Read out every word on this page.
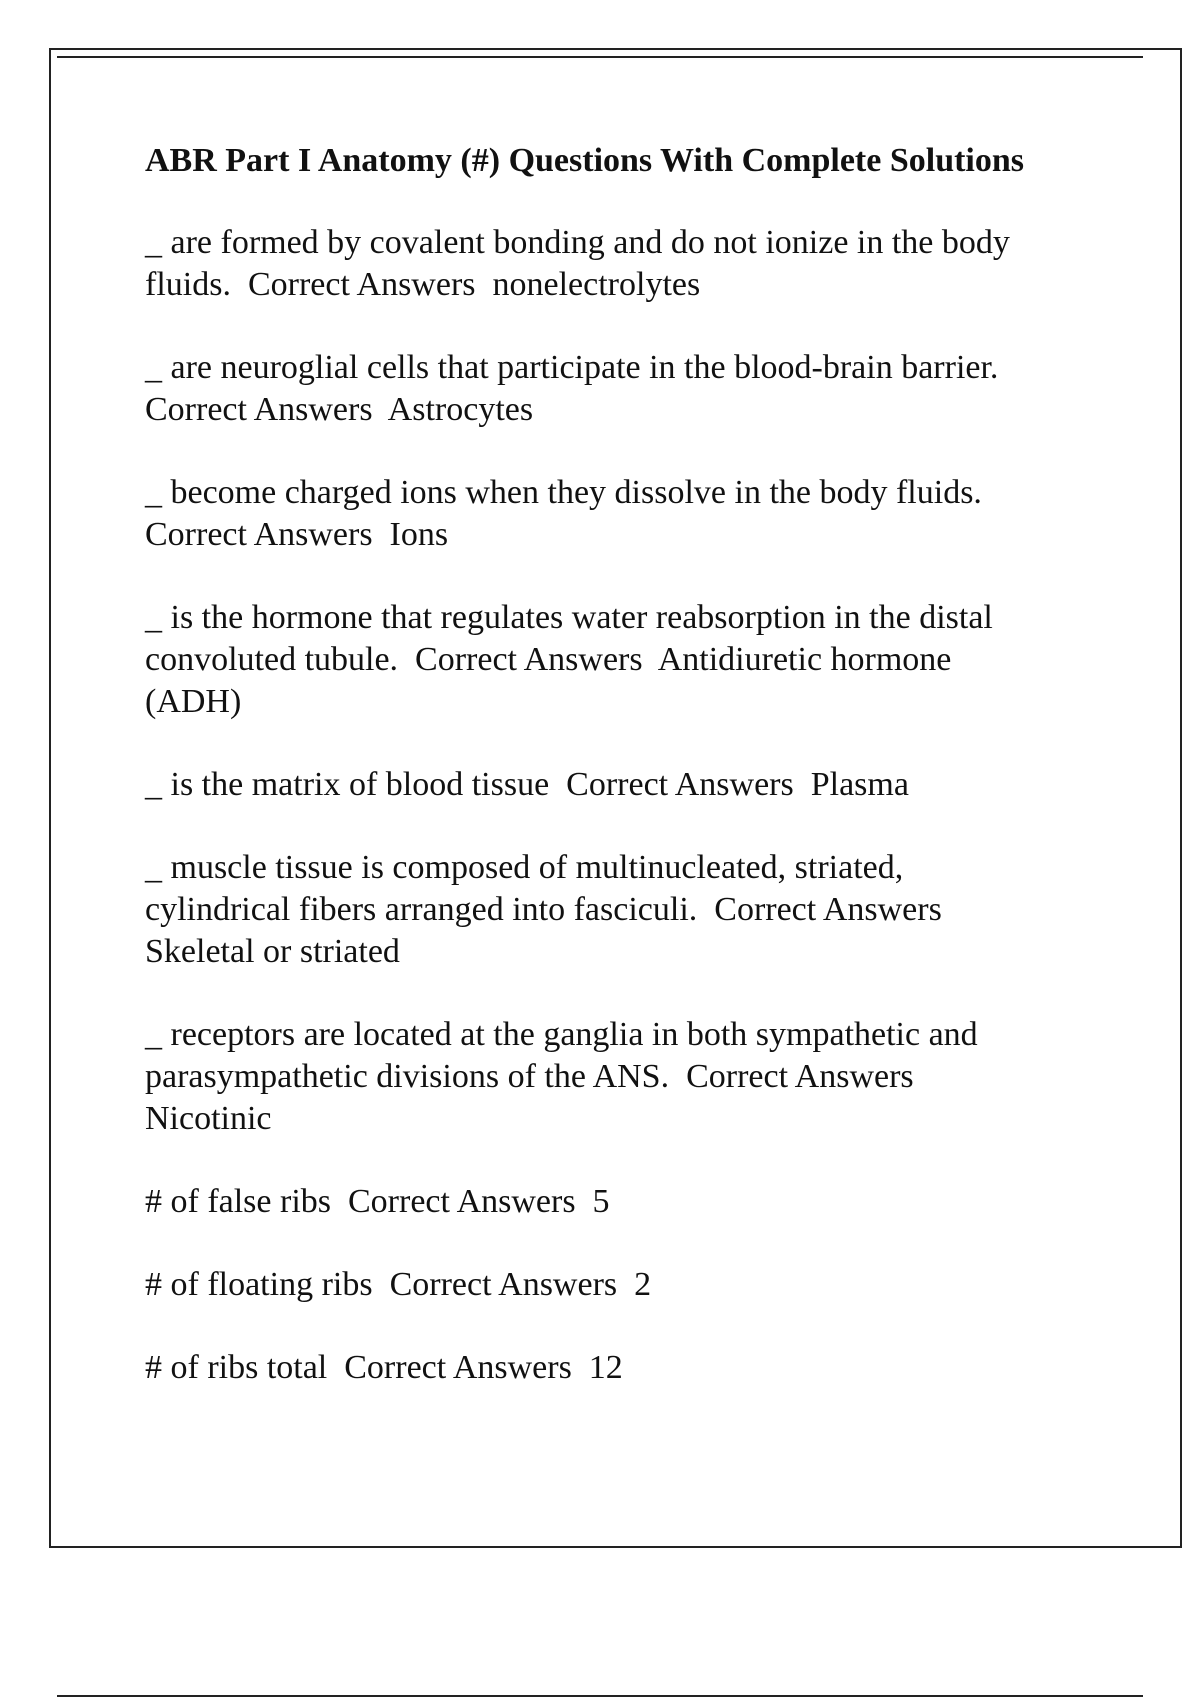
ABR Part I Anatomy (#) Questions With Complete Solutions

_ are formed by covalent bonding and do not ionize in the body
fluids.  Correct Answers  nonelectrolytes

_ are neuroglial cells that participate in the blood-brain barrier.
Correct Answers  Astrocytes

_ become charged ions when they dissolve in the body fluids.
Correct Answers  Ions

_ is the hormone that regulates water reabsorption in the distal
convoluted tubule.  Correct Answers  Antidiuretic hormone
(ADH)

_ is the matrix of blood tissue  Correct Answers  Plasma

_ muscle tissue is composed of multinucleated, striated,
cylindrical fibers arranged into fasciculi.  Correct Answers
Skeletal or striated

_ receptors are located at the ganglia in both sympathetic and
parasympathetic divisions of the ANS.  Correct Answers
Nicotinic

# of false ribs  Correct Answers  5

# of floating ribs  Correct Answers  2

# of ribs total  Correct Answers  12
